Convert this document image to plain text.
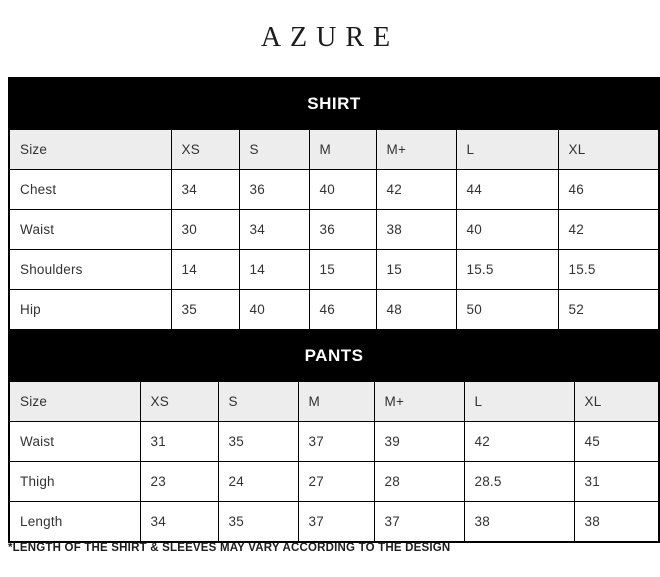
AZURE
SHIRT						
Size	XS	S	M	M+	L	XL
Chest	34	36	40	42	44	46
Waist	30	34	36	38	40	42
Shoulders	14	14	15	15	15.5	15.5
Hip	35	40	46	48	50	52
PANTS						
Size	XS	S	M	M+	L	XL
Waist	31	35	37	39	42	45
Thigh	23	24	27	28	28.5	31
Length	34	35	37	37	38	38
*LENGTH OF THE SHIRT & SLEEVES MAY VARY ACCORDING TO THE DESIGN
